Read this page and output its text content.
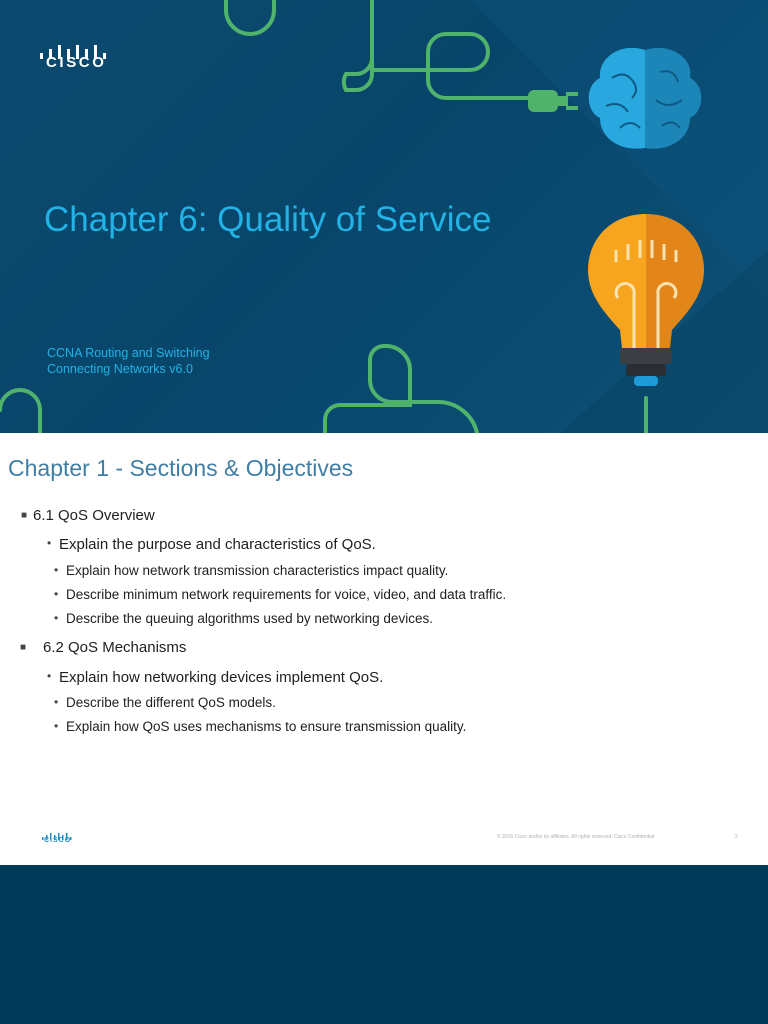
CISCO
Chapter 6: Quality of Service
CCNA Routing and Switching
Connecting Networks v6.0
Chapter 1 - Sections & Objectives
■ 6.1 QoS Overview
• Explain the purpose and characteristics of QoS.
• Explain how network transmission characteristics impact quality.
• Describe minimum network requirements for voice, video, and data traffic.
• Describe the queuing algorithms used by networking devices.
■ 6.2 QoS Mechanisms
• Explain how networking devices implement QoS.
• Describe the different QoS models.
• Explain how QoS uses mechanisms to ensure transmission quality.
CISCO	© 2016 Cisco and/or its affiliates. All rights reserved. Cisco Confidential	2
